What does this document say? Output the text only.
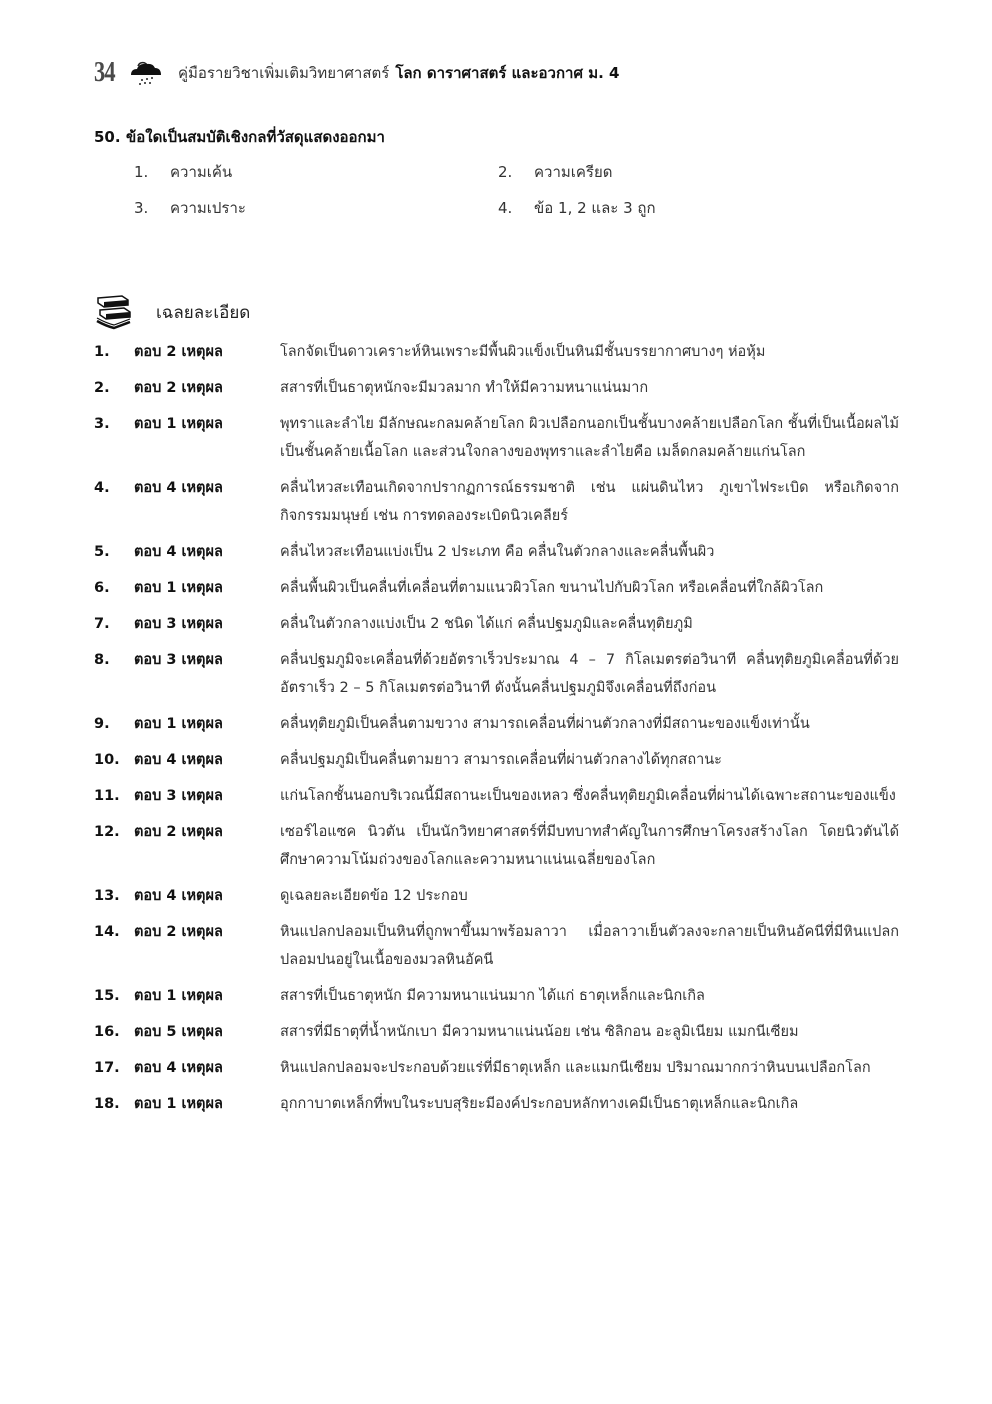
34	คู่มือรายวิชาเพิ่มเติมวิทยาศาสตร์ โลก ดาราศาสตร์ และอวกาศ ม. 4
50. ข้อใดเป็นสมบัติเชิงกลที่วัสดุแสดงออกมา
1.	ความเค้น	2.	ความเครียด
3.	ความเปราะ	4.	ข้อ 1, 2 และ 3 ถูก
เฉลยละเอียด
1.	ตอบ 2 เหตุผล	โลกจัดเป็นดาวเคราะห์หินเพราะมีพื้นผิวแข็งเป็นหินมีชั้นบรรยากาศบางๆ ห่อหุ้ม
2.	ตอบ 2 เหตุผล	สสารที่เป็นธาตุหนักจะมีมวลมาก ทำให้มีความหนาแน่นมาก
3.	ตอบ 1 เหตุผล	พุทราและลำไย มีลักษณะกลมคล้ายโลก ผิวเปลือกนอกเป็นชั้นบางคล้ายเปลือกโลก ชั้นที่เป็นเนื้อผลไม้เป็นชั้นคล้ายเนื้อโลก และส่วนใจกลางของพุทราและลำไยคือ เมล็ดกลมคล้ายแก่นโลก
4.	ตอบ 4 เหตุผล	คลื่นไหวสะเทือนเกิดจากปรากฏการณ์ธรรมชาติ เช่น แผ่นดินไหว ภูเขาไฟระเบิด หรือเกิดจากกิจกรรมมนุษย์ เช่น การทดลองระเบิดนิวเคลียร์
5.	ตอบ 4 เหตุผล	คลื่นไหวสะเทือนแบ่งเป็น 2 ประเภท คือ คลื่นในตัวกลางและคลื่นพื้นผิว
6.	ตอบ 1 เหตุผล	คลื่นพื้นผิวเป็นคลื่นที่เคลื่อนที่ตามแนวผิวโลก ขนานไปกับผิวโลก หรือเคลื่อนที่ใกล้ผิวโลก
7.	ตอบ 3 เหตุผล	คลื่นในตัวกลางแบ่งเป็น 2 ชนิด ได้แก่ คลื่นปฐมภูมิและคลื่นทุติยภูมิ
8.	ตอบ 3 เหตุผล	คลื่นปฐมภูมิจะเคลื่อนที่ด้วยอัตราเร็วประมาณ 4 – 7 กิโลเมตรต่อวินาที คลื่นทุติยภูมิเคลื่อนที่ด้วยอัตราเร็ว 2 – 5 กิโลเมตรต่อวินาที ดังนั้นคลื่นปฐมภูมิจึงเคลื่อนที่ถึงก่อน
9.	ตอบ 1 เหตุผล	คลื่นทุติยภูมิเป็นคลื่นตามขวาง สามารถเคลื่อนที่ผ่านตัวกลางที่มีสถานะของแข็งเท่านั้น
10. ตอบ 4 เหตุผล	คลื่นปฐมภูมิเป็นคลื่นตามยาว สามารถเคลื่อนที่ผ่านตัวกลางได้ทุกสถานะ
11. ตอบ 3 เหตุผล	แก่นโลกชั้นนอกบริเวณนี้มีสถานะเป็นของเหลว ซึ่งคลื่นทุติยภูมิเคลื่อนที่ผ่านได้เฉพาะสถานะของแข็ง
12. ตอบ 2 เหตุผล	เซอร์ไอแซค นิวตัน เป็นนักวิทยาศาสตร์ที่มีบทบาทสำคัญในการศึกษาโครงสร้างโลก โดยนิวตันได้ศึกษาความโน้มถ่วงของโลกและความหนาแน่นเฉลี่ยของโลก
13. ตอบ 4 เหตุผล	ดูเฉลยละเอียดข้อ 12 ประกอบ
14. ตอบ 2 เหตุผล	หินแปลกปลอมเป็นหินที่ถูกพาขึ้นมาพร้อมลาวา เมื่อลาวาเย็นตัวลงจะกลายเป็นหินอัคนีที่มีหินแปลกปลอมปนอยู่ในเนื้อของมวลหินอัคนี
15. ตอบ 1 เหตุผล	สสารที่เป็นธาตุหนัก มีความหนาแน่นมาก ได้แก่ ธาตุเหล็กและนิกเกิล
16. ตอบ 5 เหตุผล	สสารที่มีธาตุที่น้ำหนักเบา มีความหนาแน่นน้อย เช่น ซิลิกอน อะลูมิเนียม แมกนีเซียม
17. ตอบ 4 เหตุผล	หินแปลกปลอมจะประกอบด้วยแร่ที่มีธาตุเหล็ก และแมกนีเซียม ปริมาณมากกว่าหินบนเปลือกโลก
18. ตอบ 1 เหตุผล	อุกกาบาตเหล็กที่พบในระบบสุริยะมีองค์ประกอบหลักทางเคมีเป็นธาตุเหล็กและนิกเกิล
